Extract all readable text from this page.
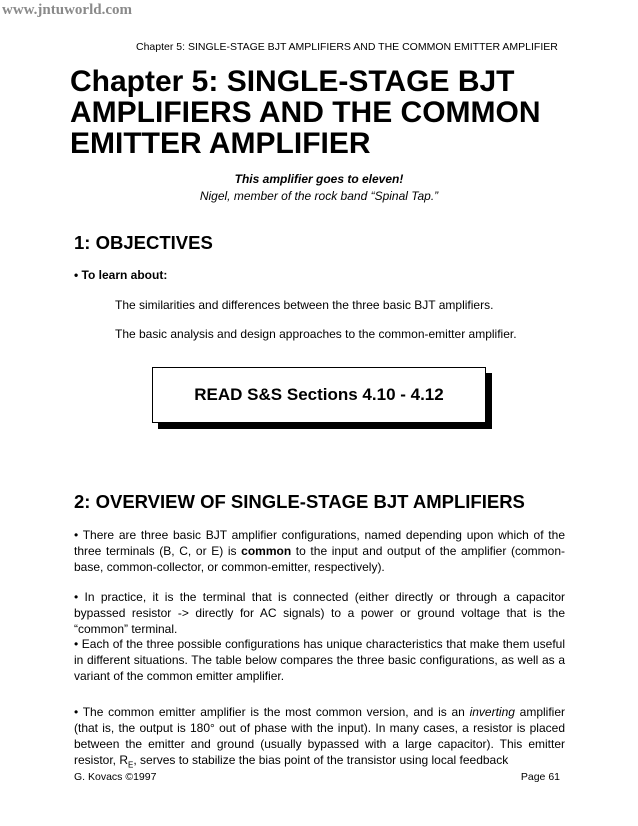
www.jntuworld.com
Chapter 5: SINGLE-STAGE BJT AMPLIFIERS AND THE COMMON EMITTER AMPLIFIER
Chapter 5: SINGLE-STAGE BJT AMPLIFIERS AND THE COMMON EMITTER AMPLIFIER
This amplifier goes to eleven!
Nigel, member of the rock band “Spinal Tap.”
1: OBJECTIVES
• To learn about:
The similarities and differences between the three basic BJT amplifiers.
The basic analysis and design approaches to the common-emitter amplifier.
READ S&S Sections 4.10 - 4.12
2: OVERVIEW OF SINGLE-STAGE BJT AMPLIFIERS

• There are three basic BJT amplifier configurations, named depending upon which of the three terminals (B, C, or E) is common to the input and output of the amplifier (common-base, common-collector, or common-emitter, respectively).

• In practice, it is the terminal that is connected (either directly or through a capacitor bypassed resistor -> directly for AC signals) to a power or ground voltage that is the “common” terminal.

• Each of the three possible configurations has unique characteristics that make them useful in different situations. The table below compares the three basic configurations, as well as a variant of the common emitter amplifier.

• The common emitter amplifier is the most common version, and is an inverting amplifier (that is, the output is 180° out of phase with the input). In many cases, a resistor is placed between the emitter and ground (usually bypassed with a large capacitor). This emitter resistor, $R_E$, serves to stabilize the bias point of the transistor using local feedback

G. Kovacs ©1997	Page 61
